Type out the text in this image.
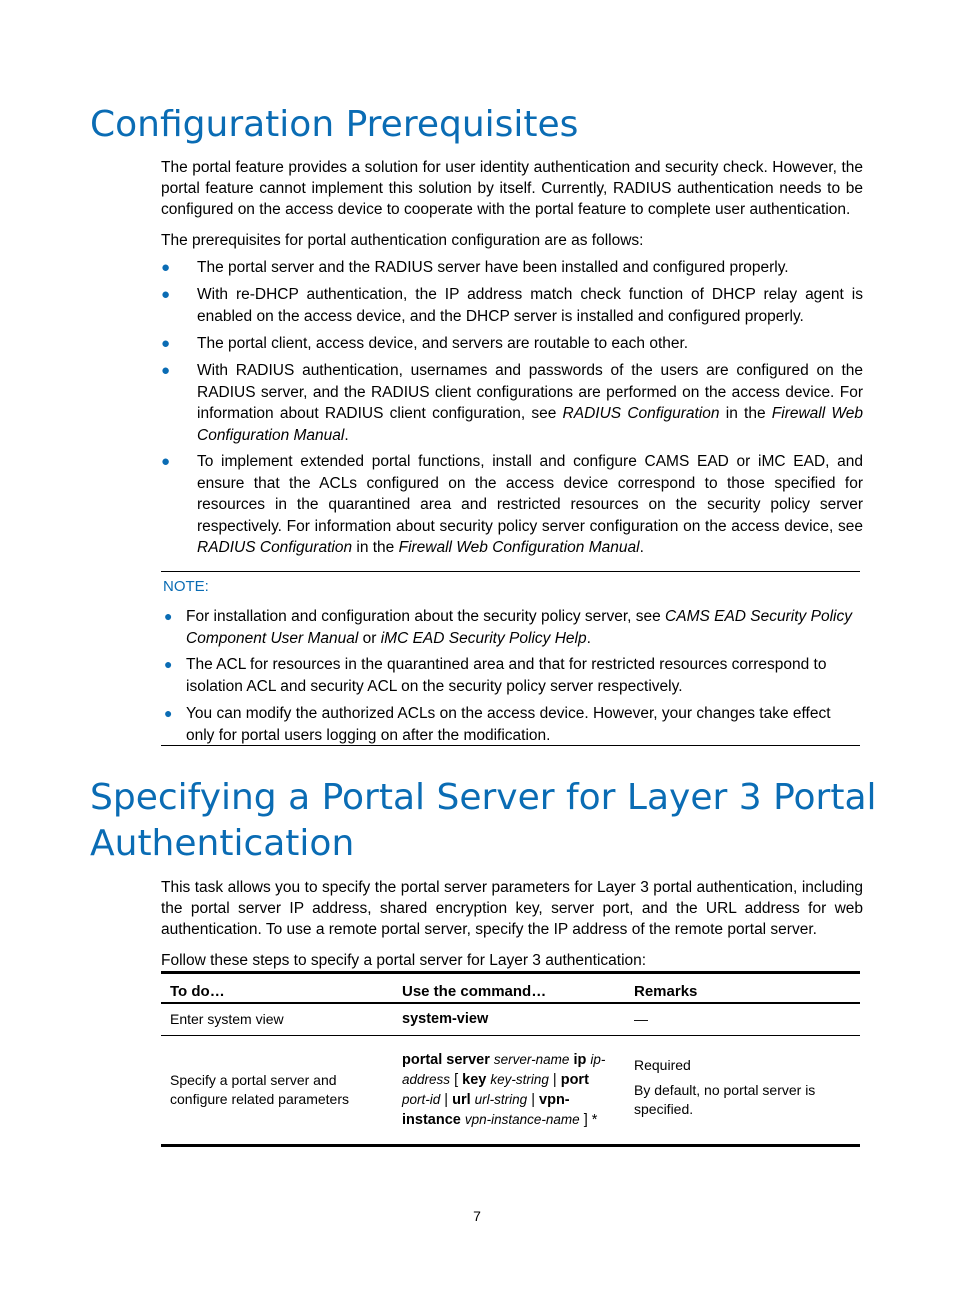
Configuration Prerequisites

The portal feature provides a solution for user identity authentication and security check. However, the portal feature cannot implement this solution by itself. Currently, RADIUS authentication needs to be configured on the access device to cooperate with the portal feature to complete user authentication.

The prerequisites for portal authentication configuration are as follows:

● The portal server and the RADIUS server have been installed and configured properly.
● With re-DHCP authentication, the IP address match check function of DHCP relay agent is enabled on the access device, and the DHCP server is installed and configured properly.
● The portal client, access device, and servers are routable to each other.
● With RADIUS authentication, usernames and passwords of the users are configured on the RADIUS server, and the RADIUS client configurations are performed on the access device. For information about RADIUS client configuration, see RADIUS Configuration in the Firewall Web Configuration Manual.
● To implement extended portal functions, install and configure CAMS EAD or iMC EAD, and ensure that the ACLs configured on the access device correspond to those specified for resources in the quarantined area and restricted resources on the security policy server respectively. For information about security policy server configuration on the access device, see RADIUS Configuration in the Firewall Web Configuration Manual.
NOTE:
● For installation and configuration about the security policy server, see CAMS EAD Security Policy Component User Manual or iMC EAD Security Policy Help.
● The ACL for resources in the quarantined area and that for restricted resources correspond to isolation ACL and security ACL on the security policy server respectively.
● You can modify the authorized ACLs on the access device. However, your changes take effect only for portal users logging on after the modification.
Specifying a Portal Server for Layer 3 Portal
Authentication

This task allows you to specify the portal server parameters for Layer 3 portal authentication, including the portal server IP address, shared encryption key, server port, and the URL address for web authentication. To use a remote portal server, specify the IP address of the remote portal server.

Follow these steps to specify a portal server for Layer 3 authentication:

To do…	Use the command…	Remarks
Enter system view	system-view	—
Specify a portal server and configure related parameters	portal server server-name ip ip-address [ key key-string | port port-id | url url-string | vpn-instance vpn-instance-name ] *	Required

By default, no portal server is specified.

7
